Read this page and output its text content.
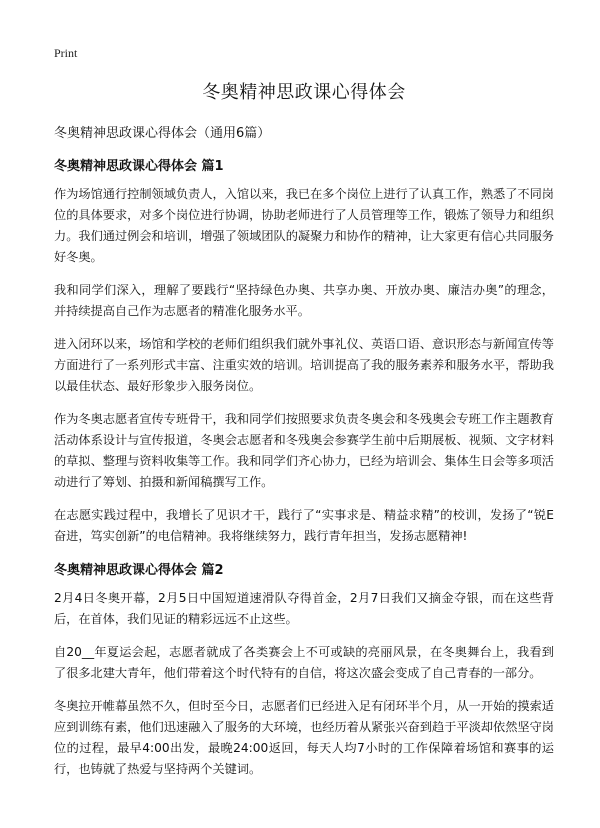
Print
冬奥精神思政课心得体会

冬奥精神思政课心得体会（通用6篇）

冬奥精神思政课心得体会 篇1

作为场馆通行控制领域负责人，入馆以来，我已在多个岗位上进行了认真工作，熟悉了不同岗位的具体要求，对多个岗位进行协调，协助老师进行了人员管理等工作，锻炼了领导力和组织力。我们通过例会和培训，增强了领域团队的凝聚力和协作的精神，让大家更有信心共同服务好冬奥。

我和同学们深入，理解了要践行“坚持绿色办奥、共享办奥、开放办奥、廉洁办奥”的理念，并持续提高自己作为志愿者的精准化服务水平。

进入闭环以来，场馆和学校的老师们组织我们就外事礼仪、英语口语、意识形态与新闻宣传等方面进行了一系列形式丰富、注重实效的培训。培训提高了我的服务素养和服务水平，帮助我以最佳状态、最好形象步入服务岗位。

作为冬奥志愿者宣传专班骨干，我和同学们按照要求负责冬奥会和冬残奥会专班工作主题教育活动体系设计与宣传报道，冬奥会志愿者和冬残奥会参赛学生前中后期展板、视频、文字材料的草拟、整理与资料收集等工作。我和同学们齐心协力，已经为培训会、集体生日会等多项活动进行了筹划、拍摄和新闻稿撰写工作。

在志愿实践过程中，我增长了见识才干，践行了“实事求是、精益求精”的校训，发扬了“锐E奋进，笃实创新”的电信精神。我将继续努力，践行青年担当，发扬志愿精神!

冬奥精神思政课心得体会 篇2

2月4日冬奥开幕，2月5日中国短道速滑队夺得首金，2月7日我们又摘金夺银，而在这些背后，在首体，我们见证的精彩远远不止这些。

自20__年夏运会起，志愿者就成了各类赛会上不可或缺的亮丽风景，在冬奥舞台上，我看到了很多北建大青年，他们带着这个时代特有的自信，将这次盛会变成了自己青春的一部分。

冬奥拉开帷幕虽然不久，但时至今日，志愿者们已经进入足有闭环半个月，从一开始的摸索适应到训练有素，他们迅速融入了服务的大环境，也经历着从紧张兴奋到趋于平淡却依然坚守岗位的过程，最早4:00出发，最晚24:00返回，每天人均7小时的工作保障着场馆和赛事的运行，也铸就了热爱与坚持两个关键词。
